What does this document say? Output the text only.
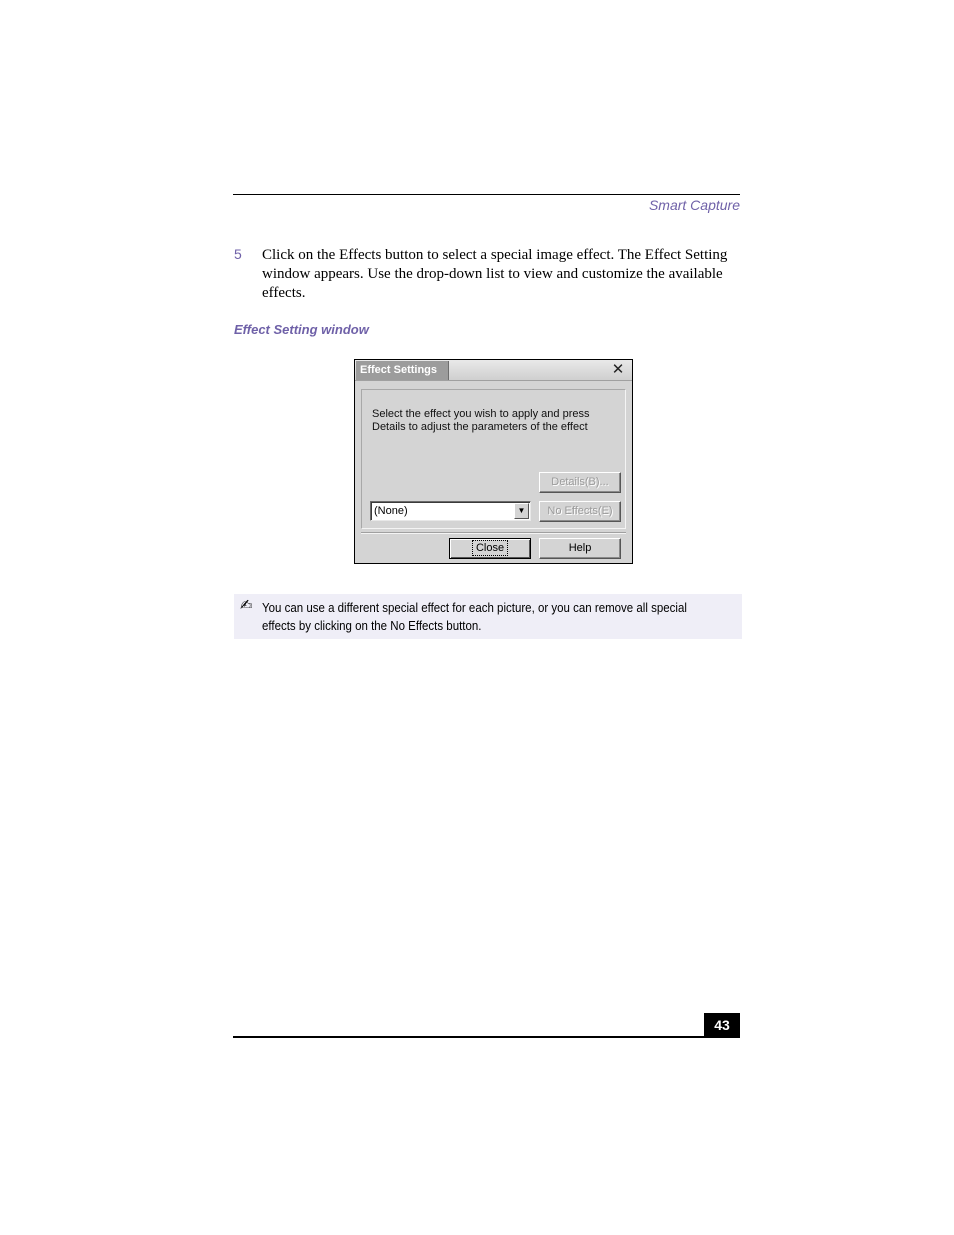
Smart Capture
5 Click on the Effects button to select a special image effect. The Effect Setting window appears. Use the drop-down list to view and customize the available effects.
Effect Setting window
Effect Settings	✕
Select the effect you wish to apply and press Details to adjust the parameters of the effect
Details(B)...
(None)	▼	No Effects(E)
Close	Help
✍ You can use a different special effect for each picture, or you can remove all special effects by clicking on the No Effects button.
43
